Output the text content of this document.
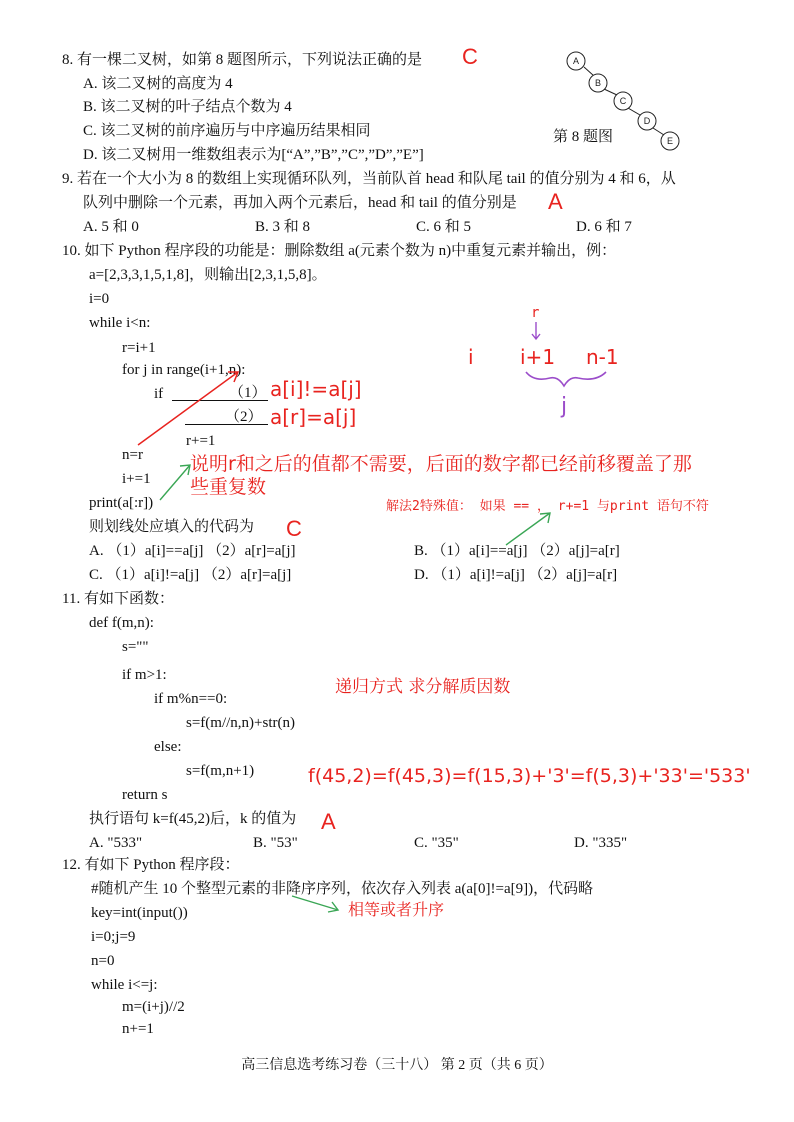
8. 有一棵二叉树，如第 8 题图所示，下列说法正确的是 C
A. 该二叉树的高度为 4
B. 该二叉树的叶子结点个数为 4
C. 该二叉树的前序遍历与中序遍历结果相同
D. 该二叉树用一维数组表示为[“A”,”B”,”C”,”D”,”E”]
A
B
C
D
E
第 8 题图
9. 若在一个大小为 8 的数组上实现循环队列，当前队首 head 和队尾 tail 的值分别为 4 和 6，从
队列中删除一个元素，再加入两个元素后，head 和 tail 的值分别是 A
A. 5 和 0	B. 3 和 8	C. 6 和 5	D. 6 和 7
10. 如下 Python 程序段的功能是：删除数组 a(元素个数为 n)中重复元素并输出，例：
a=[2,3,3,1,5,1,8]，则输出[2,3,1,5,8]。
i=0
while i<n:
r=i+1
for j in range(i+1,n):
if	（1）
（2）
r+=1
n=r
i+=1
print(a[:r])
则划线处应填入的代码为 C
A. （1）a[i]==a[j] （2）a[r]=a[j]	B. （1）a[i]==a[j] （2）a[j]=a[r]
C. （1）a[i]!=a[j] （2）a[r]=a[j]	D. （1）a[i]!=a[j] （2）a[j]=a[r]
a[i]!=a[j]
a[r]=a[j]
r
i i+1 n-1
j
说明r和之后的值都不需要，后面的数字都已经前移覆盖了那
些重复数
解法2特殊值： 如果 == ， r+=1 与print 语句不符
11. 有如下函数：
def f(m,n):
s=""
if m>1:
if m%n==0:
s=f(m//n,n)+str(n)
else:
s=f(m,n+1)
return s
执行语句 k=f(45,2)后，k 的值为 A
A. "533"	B. "53"	C. "35"	D. "335"
递归方式 求分解质因数
f(45,2)=f(45,3)=f(15,3)+'3'=f(5,3)+'33'='533'
12. 有如下 Python 程序段：
#随机产生 10 个整型元素的非降序序列，依次存入列表 a(a[0]!=a[9])，代码略
key=int(input())
i=0;j=9
n=0
while i<=j:
m=(i+j)//2
n+=1
相等或者升序
高三信息选考练习卷（三十八） 第 2 页（共 6 页）
